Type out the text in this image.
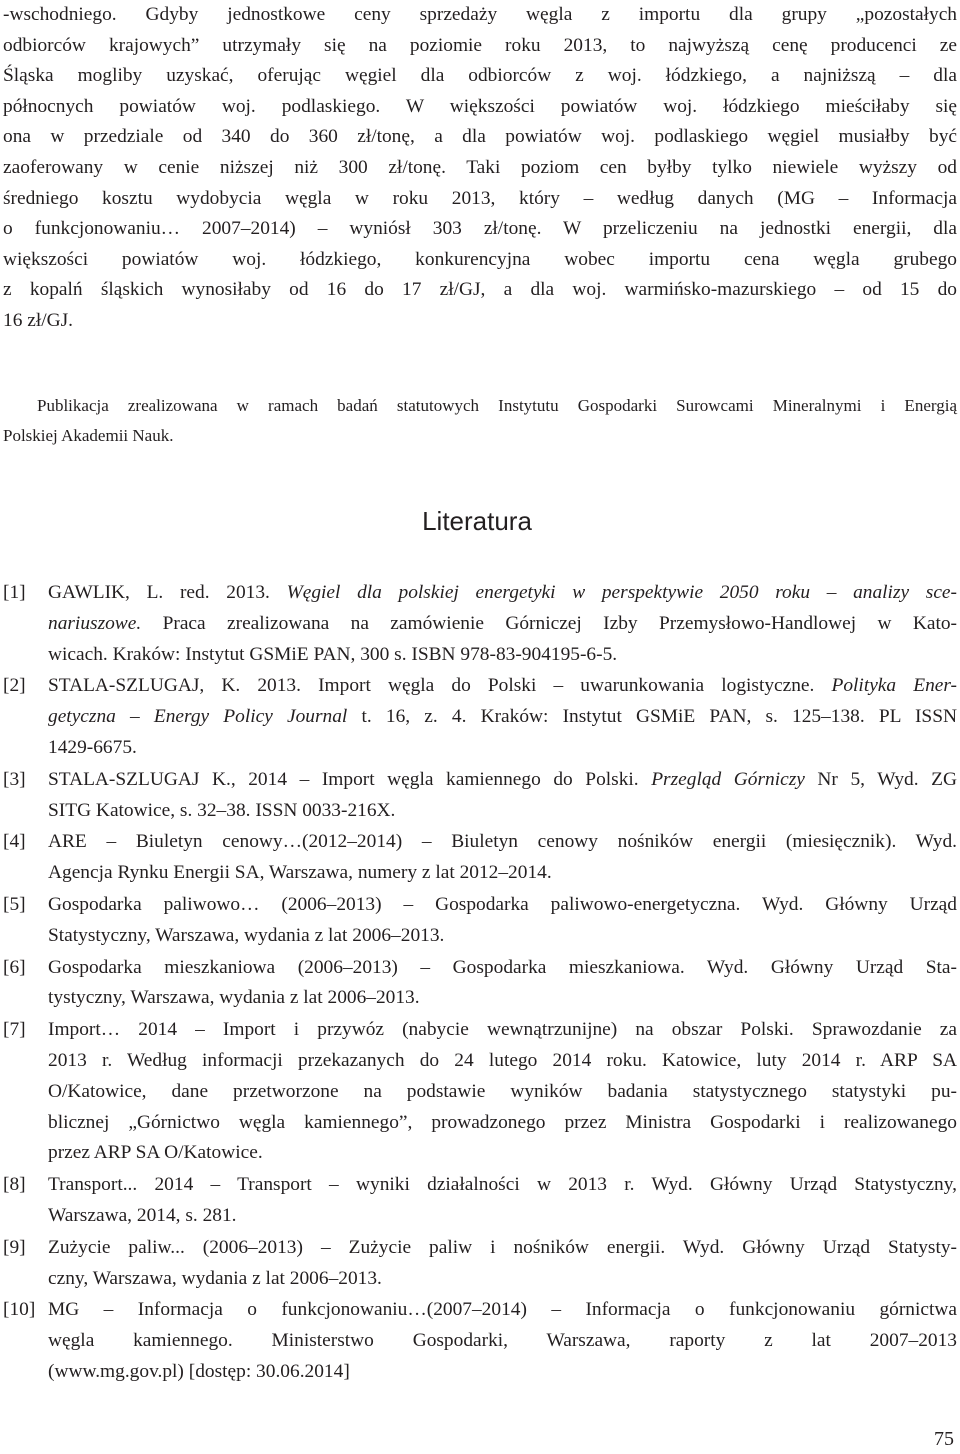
-wschodniego. Gdyby jednostkowe ceny sprzedaży węgla z importu dla grupy „pozostałych
odbiorców krajowych” utrzymały się na poziomie roku 2013, to najwyższą cenę producenci ze
Śląska mogliby uzyskać, oferując węgiel dla odbiorców z woj. łódzkiego, a najniższą – dla
północnych powiatów woj. podlaskiego. W większości powiatów woj. łódzkiego mieściłaby się
ona w przedziale od 340 do 360 zł/tonę, a dla powiatów woj. podlaskiego węgiel musiałby być
zaoferowany w cenie niższej niż 300 zł/tonę. Taki poziom cen byłby tylko niewiele wyższy od
średniego kosztu wydobycia węgla w roku 2013, który – według danych (MG – Informacja
o funkcjonowaniu… 2007–2014) – wyniósł 303 zł/tonę. W przeliczeniu na jednostki energii, dla
większości powiatów woj. łódzkiego, konkurencyjna wobec importu cena węgla grubego
z kopalń śląskich wynosiłaby od 16 do 17 zł/GJ, a dla woj. warmińsko-mazurskiego – od 15 do
16 zł/GJ.
Publikacja zrealizowana w ramach badań statutowych Instytutu Gospodarki Surowcami Mineralnymi i Energią
Polskiej Akademii Nauk.
Literatura
[1]	GAWLIK, L. red. 2013. Węgiel dla polskiej energetyki w perspektywie 2050 roku – analizy sce-
nariuszowe. Praca zrealizowana na zamówienie Górniczej Izby Przemysłowo-Handlowej w Kato-
wicach. Kraków: Instytut GSMiE PAN, 300 s. ISBN 978-83-904195-6-5.
[2]	STALA-SZLUGAJ, K. 2013. Import węgla do Polski – uwarunkowania logistyczne. Polityka Ener-
getyczna – Energy Policy Journal t. 16, z. 4. Kraków: Instytut GSMiE PAN, s. 125–138. PL ISSN
1429-6675.
[3]	STALA-SZLUGAJ K., 2014 – Import węgla kamiennego do Polski. Przegląd Górniczy Nr 5, Wyd. ZG
SITG Katowice, s. 32–38. ISSN 0033-216X.
[4]	ARE – Biuletyn cenowy…(2012–2014) – Biuletyn cenowy nośników energii (miesięcznik). Wyd.
Agencja Rynku Energii SA, Warszawa, numery z lat 2012–2014.
[5]	Gospodarka paliwowo… (2006–2013) – Gospodarka paliwowo-energetyczna. Wyd. Główny Urząd
Statystyczny, Warszawa, wydania z lat 2006–2013.
[6]	Gospodarka mieszkaniowa (2006–2013) – Gospodarka mieszkaniowa. Wyd. Główny Urząd Sta-
tystyczny, Warszawa, wydania z lat 2006–2013.
[7]	Import… 2014 – Import i przywóz (nabycie wewnątrzunijne) na obszar Polski. Sprawozdanie za
2013 r. Według informacji przekazanych do 24 lutego 2014 roku. Katowice, luty 2014 r. ARP SA
O/Katowice, dane przetworzone na podstawie wyników badania statystycznego statystyki pu-
blicznej „Górnictwo węgla kamiennego”, prowadzonego przez Ministra Gospodarki i realizowanego
przez ARP SA O/Katowice.
[8]	Transport... 2014 – Transport – wyniki działalności w 2013 r. Wyd. Główny Urząd Statystyczny,
Warszawa, 2014, s. 281.
[9]	Zużycie paliw... (2006–2013) – Zużycie paliw i nośników energii. Wyd. Główny Urząd Statysty-
czny, Warszawa, wydania z lat 2006–2013.
[10] MG – Informacja o funkcjonowaniu…(2007–2014) – Informacja o funkcjonowaniu górnictwa
węgla kamiennego. Ministerstwo Gospodarki, Warszawa, raporty z lat 2007–2013
(www.mg.gov.pl) [dostęp: 30.06.2014]
75
